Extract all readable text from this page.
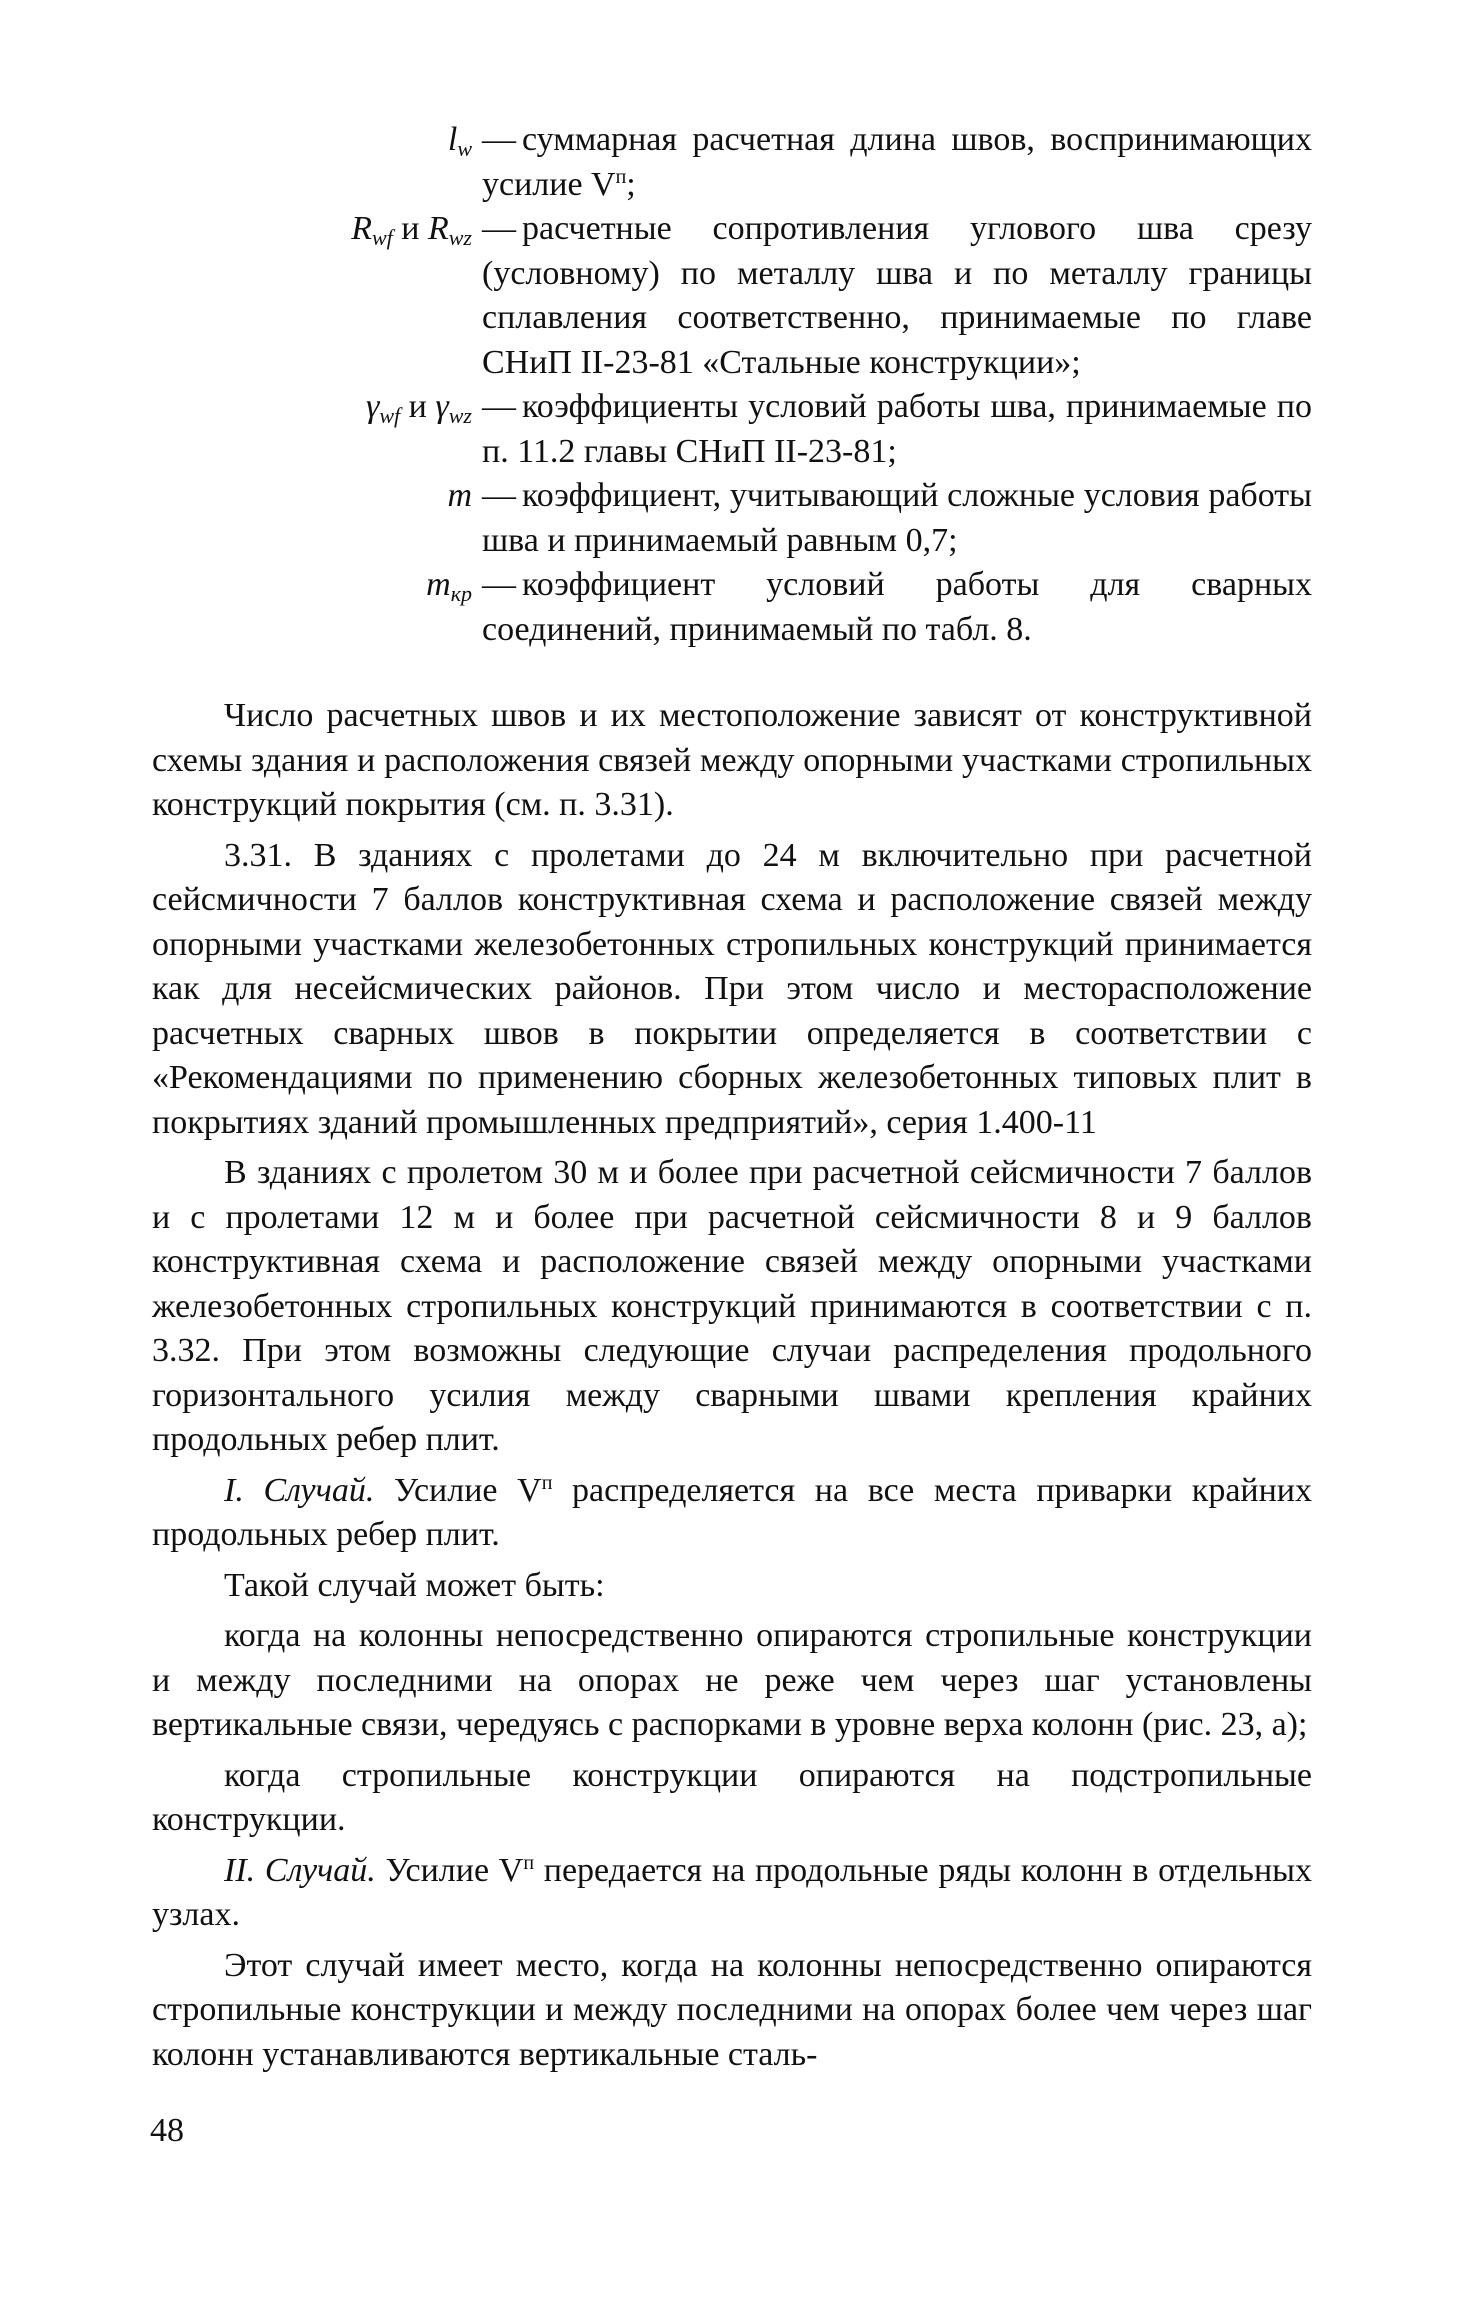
$l_w$ — суммарная расчетная длина швов, воспринимающих усилие $V^п$;
$R_{wf}$ и $R_{wz}$ — расчетные сопротивления углового шва срезу (условному) по металлу шва и по металлу границы сплавления соответственно, принимаемые по главе СНиП II-23-81 «Стальные конструкции»;
$\gamma_{wf}$ и $\gamma_{wz}$ — коэффициенты условий работы шва, принимаемые по п. 11.2 главы СНиП II-23-81;
m — коэффициент, учитывающий сложные условия работы шва и принимаемый равным 0,7;
$m_{кр}$ — коэффициент условий работы для сварных соединений, принимаемый по табл. 8.

Число расчетных швов и их местоположение зависят от конструктивной схемы здания и расположения связей между опорными участками стропильных конструкций покрытия (см. п. 3.31).

3.31. В зданиях с пролетами до 24 м включительно при расчетной сейсмичности 7 баллов конструктивная схема и расположение связей между опорными участками железобетонных стропильных конструкций принимается как для несейсмических районов. При этом число и месторасположение расчетных сварных швов в покрытии определяется в соответствии с «Рекомендациями по применению сборных железобетонных типовых плит в покрытиях зданий промышленных предприятий», серия 1.400-11

В зданиях с пролетом 30 м и более при расчетной сейсмичности 7 баллов и с пролетами 12 м и более при расчетной сейсмичности 8 и 9 баллов конструктивная схема и расположение связей между опорными участками железобетонных стропильных конструкций принимаются в соответствии с п. 3.32. При этом возможны следующие случаи распределения продольного горизонтального усилия между сварными швами крепления крайних продольных ребер плит.

I. Случай. Усилие $V^п$ распределяется на все места приварки крайних продольных ребер плит.

Такой случай может быть:

когда на колонны непосредственно опираются стропильные конструкции и между последними на опорах не реже чем через шаг установлены вертикальные связи, чередуясь с распорками в уровне верха колонн (рис. 23, а);

когда стропильные конструкции опираются на подстропильные конструкции.

II. Случай. Усилие $V^п$ передается на продольные ряды колонн в отдельных узлах.

Этот случай имеет место, когда на колонны непосредственно опираются стропильные конструкции и между последними на опорах более чем через шаг колонн устанавливаются вертикальные сталь-

48
